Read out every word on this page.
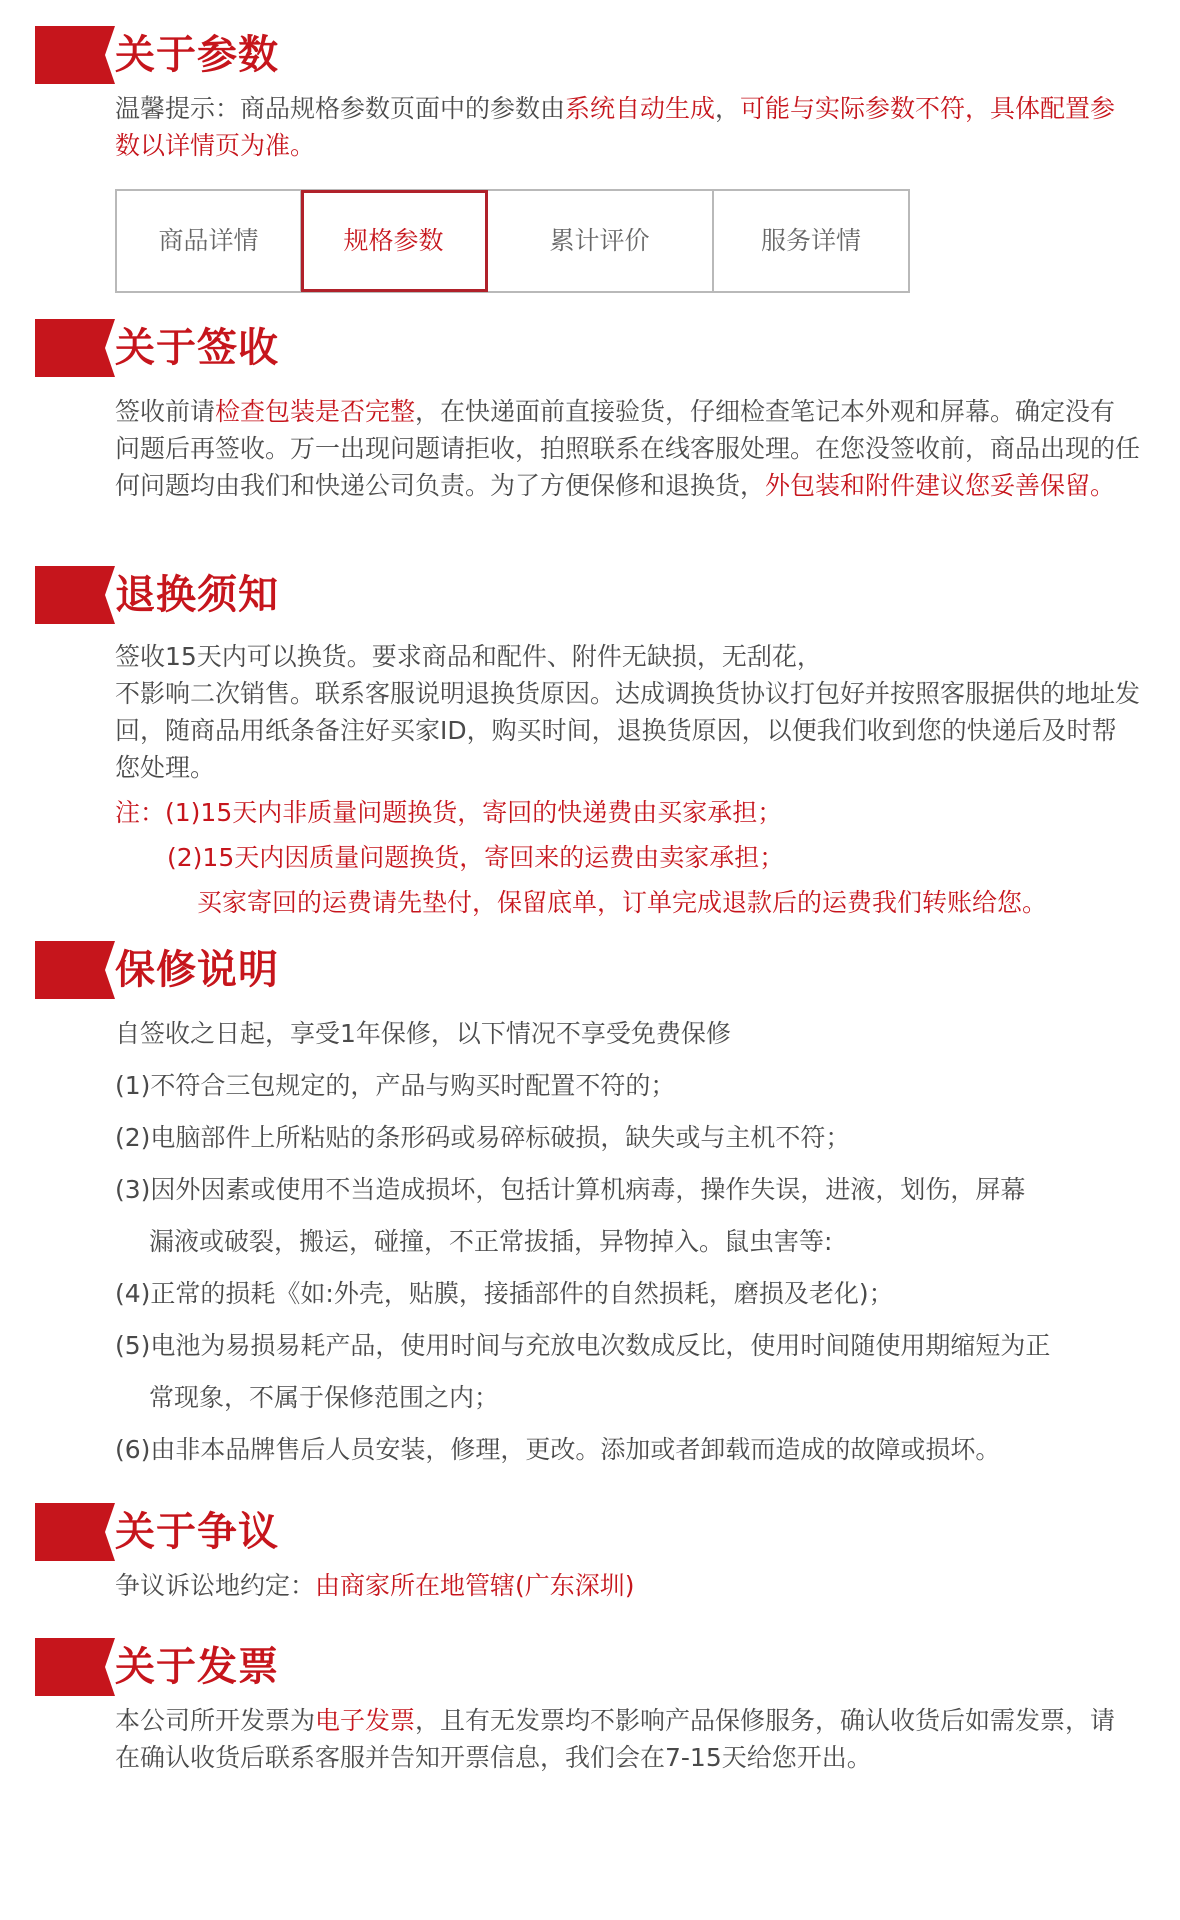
关于参数

温馨提示：商品规格参数页面中的参数由系统自动生成，可能与实际参数不符，具体配置参数以详情页为准。

商品详情	规格参数	累计评价	服务详情
关于签收

签收前请检查包装是否完整，在快递面前直接验货，仔细检查笔记本外观和屏幕。确定没有问题后再签收。万一出现问题请拒收，拍照联系在线客服处理。在您没签收前，商品出现的任何问题均由我们和快递公司负责。为了方便保修和退换货，外包装和附件建议您妥善保留。

退换须知

签收15天内可以换货。要求商品和配件、附件无缺损，无刮花，

不影响二次销售。联系客服说明退换货原因。达成调换货协议打包好并按照客服据供的地址发回，随商品用纸条备注好买家ID，购买时间，退换货原因，以便我们收到您的快递后及时帮您处理。

注：(1)15天内非质量问题换货，寄回的快递费由买家承担；
(2)15天内因质量问题换货，寄回来的运费由卖家承担；
买家寄回的运费请先垫付，保留底单，订单完成退款后的运费我们转账给您。
保修说明

自签收之日起，享受1年保修，以下情况不享受免费保修

(1)不符合三包规定的，产品与购买时配置不符的；

(2)电脑部件上所粘贴的条形码或易碎标破损，缺失或与主机不符；

(3)因外因素或使用不当造成损坏，包括计算机病毒，操作失误，进液，划伤，屏幕

漏液或破裂，搬运，碰撞，不正常拔插，异物掉入。鼠虫害等:

(4)正常的损耗《如:外壳，贴膜，接插部件的自然损耗，磨损及老化)；

(5)电池为易损易耗产品，使用时间与充放电次数成反比，使用时间随使用期缩短为正

常现象，不属于保修范围之内；

(6)由非本品牌售后人员安装，修理，更改。添加或者卸载而造成的故障或损坏。

关于争议

争议诉讼地约定：由商家所在地管辖(广东深圳)

关于发票

本公司所开发票为电子发票，且有无发票均不影响产品保修服务，确认收货后如需发票，请在确认收货后联系客服并告知开票信息，我们会在7-15天给您开出。
